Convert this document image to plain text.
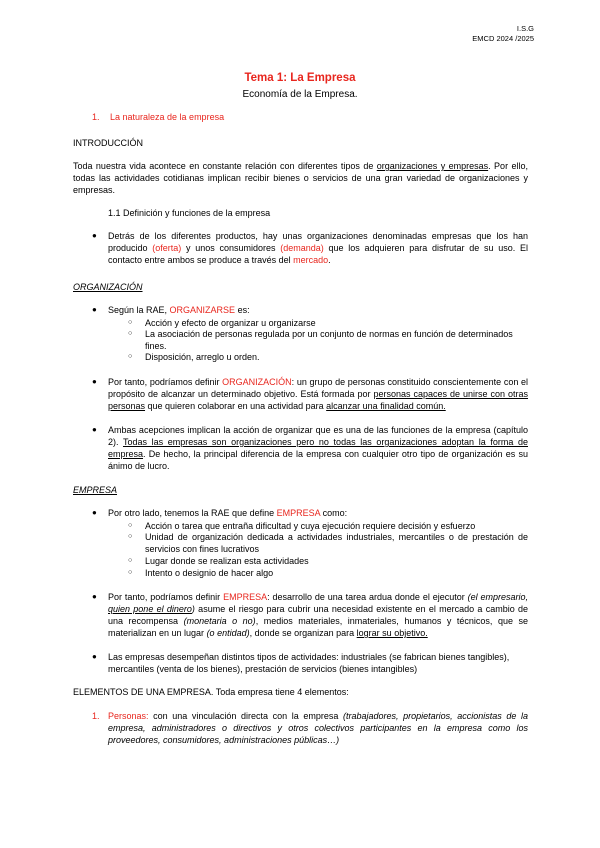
I.S.G
EMCD 2024 /2025
Tema 1: La Empresa
Economía de la Empresa.
1. La naturaleza de la empresa
INTRODUCCIÓN
Toda nuestra vida acontece en constante relación con diferentes tipos de organizaciones y empresas. Por ello, todas las actividades cotidianas implican recibir bienes o servicios de una gran variedad de organizaciones y empresas.
1.1 Definición y funciones de la empresa
● Detrás de los diferentes productos, hay unas organizaciones denominadas empresas que los han producido (oferta) y unos consumidores (demanda) que los adquieren para disfrutar de su uso. El contacto entre ambos se produce a través del mercado.
ORGANIZACIÓN
● Según la RAE, ORGANIZARSE es:
○ Acción y efecto de organizar u organizarse
○ La asociación de personas regulada por un conjunto de normas en función de determinados fines.
○ Disposición, arreglo u orden.
● Por tanto, podríamos definir ORGANIZACIÓN: un grupo de personas constituido conscientemente con el propósito de alcanzar un determinado objetivo. Está formada por personas capaces de unirse con otras personas que quieren colaborar en una actividad para alcanzar una finalidad común.
● Ambas acepciones implican la acción de organizar que es una de las funciones de la empresa (capítulo 2). Todas las empresas son organizaciones pero no todas las organizaciones adoptan la forma de empresa. De hecho, la principal diferencia de la empresa con cualquier otro tipo de organización es su ánimo de lucro.
EMPRESA
● Por otro lado, tenemos la RAE que define EMPRESA como:
○ Acción o tarea que entraña dificultad y cuya ejecución requiere decisión y esfuerzo
○ Unidad de organización dedicada a actividades industriales, mercantiles o de prestación de servicios con fines lucrativos
○ Lugar donde se realizan esta actividades
○ Intento o designio de hacer algo
● Por tanto, podríamos definir EMPRESA: desarrollo de una tarea ardua donde el ejecutor (el empresario, quien pone el dinero) asume el riesgo para cubrir una necesidad existente en el mercado a cambio de una recompensa (monetaria o no), medios materiales, inmateriales, humanos y técnicos, que se materializan en un lugar (o entidad), donde se organizan para lograr su objetivo.
● Las empresas desempeñan distintos tipos de actividades: industriales (se fabrican bienes tangibles), mercantiles (venta de los bienes), prestación de servicios (bienes intangibles)
ELEMENTOS DE UNA EMPRESA. Toda empresa tiene 4 elementos:
1. Personas: con una vinculación directa con la empresa (trabajadores, propietarios, accionistas de la empresa, administradores o directivos y otros colectivos participantes en la empresa como los proveedores, consumidores, administraciones públicas…)
